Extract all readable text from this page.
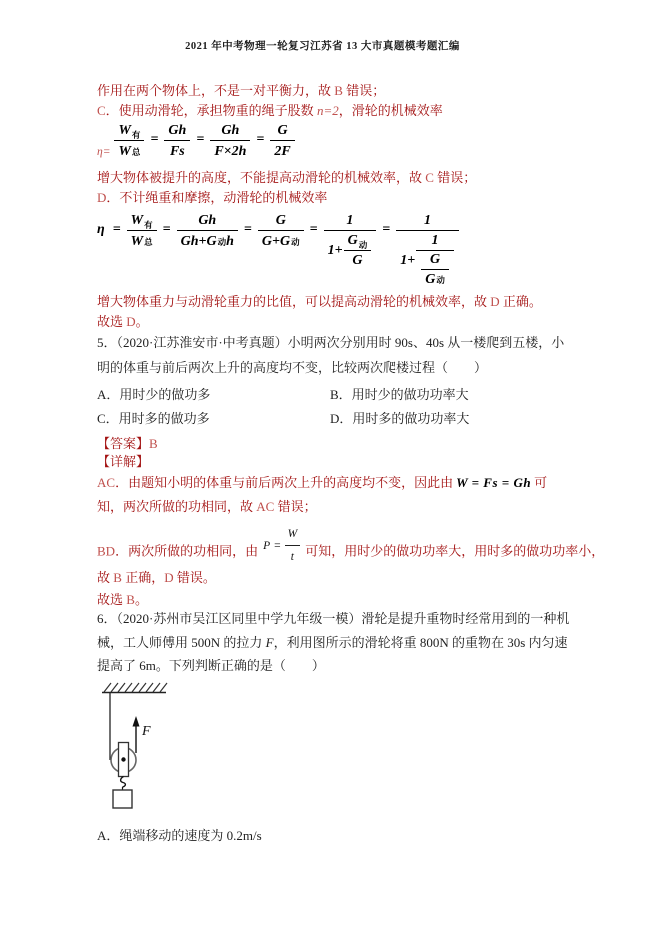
2021 年中考物理一轮复习江苏省 13 大市真题模考题汇编
作用在两个物体上，不是一对平衡力，故 B 错误；
C．使用动滑轮，承担物重的绳子股数 n=2，滑轮的机械效率
$\eta= \frac{W_有}{\text{W 总}} = \frac{Gh}{Fs} = \frac{Gh}{F\times 2h} = \frac{G}{2F}$
增大物体被提升的高度，不能提高动滑轮的机械效率，故 C 错误；
D．不计绳重和摩擦，动滑轮的机械效率
$\eta = \frac{W_有}{\text{W 总}} = \frac{Gh}{\text{Gh+G 动 h}} = \frac{G}{\text{G+G 动}} = \frac{1}{1+ \frac{G_动}{G}}$ =
1
$1+ \frac{1}{\frac{G}{\text{G 动}}}$
增大物体重力与动滑轮重力的比值，可以提高动滑轮的机械效率，故 D 正确。
故选 D。
5．（2020·江苏淮安市·中考真题）小明两次分别用时 90s、40s 从一楼爬到五楼，小明的体重与前后两次上升的高度均不变，比较两次爬楼过程（　　）
A．用时少的做功多	B．用时少的做功功率大
C．用时多的做功多	D．用时多的做功功率大
【答案】B
【详解】
AC．由题知小明的体重与前后两次上升的高度均不变，因此由 W = Fs = Gh 可知，两次所做的功相同，故 AC 错误；
BD．两次所做的功相同，由 $P = \frac{W}{t}$ 可知，用时少的做功功率大，用时多的做功功率小，
故 B 正确，D 错误。
故选 B。
6．（2020·苏州市吴江区同里中学九年级一模）滑轮是提升重物时经常用到的一种机械，工人师傅用 500N 的拉力 F，利用图所示的滑轮将重 800N 的重物在 30s 内匀速提高了 6m。下列判断正确的是（　　）
F
A．绳端移动的速度为 0.2m/s
